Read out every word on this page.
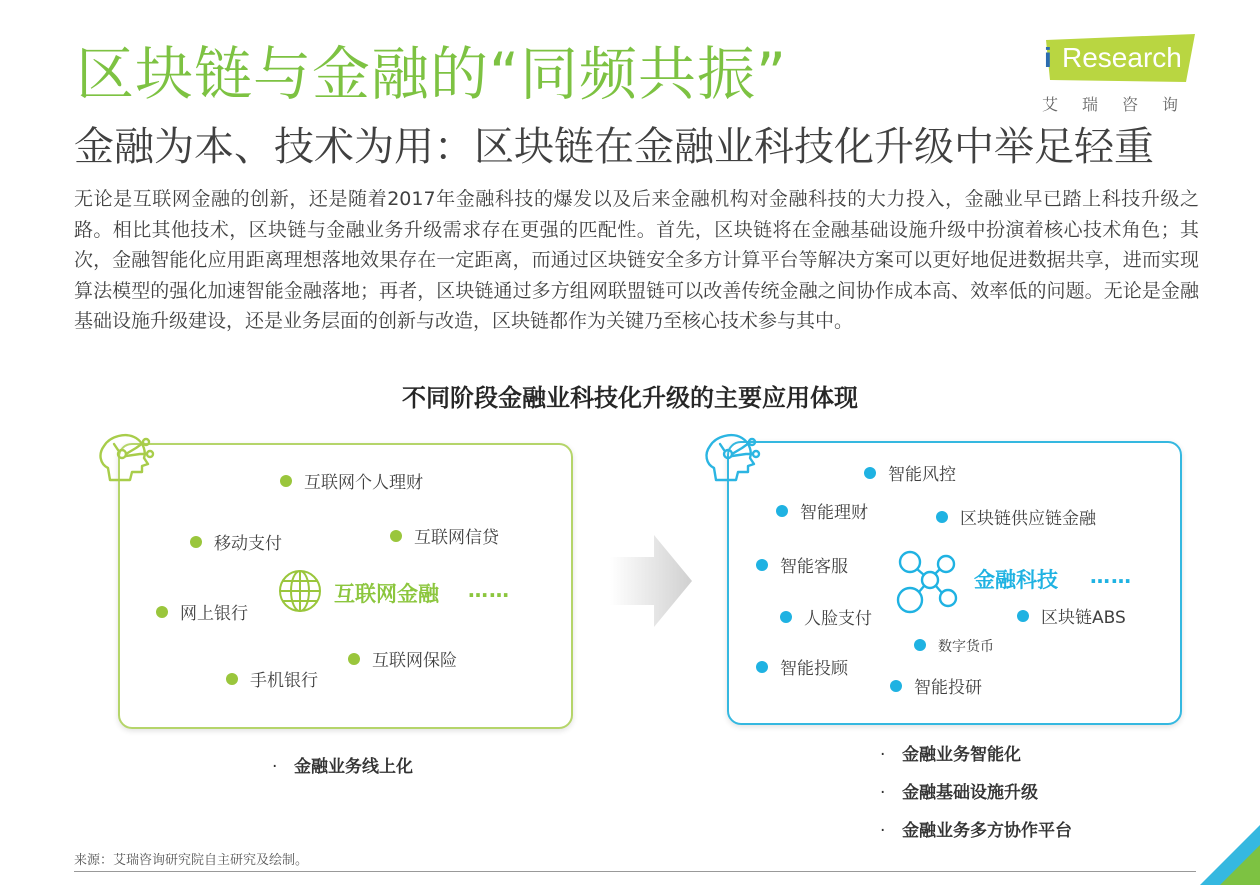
区块链与金融的“同频共振”	i Research
艾瑞咨询
金融为本、技术为用：区块链在金融业科技化升级中举足轻重
无论是互联网金融的创新，还是随着2017年金融科技的爆发以及后来金融机构对金融科技的大力投入，金融业早已踏上科技升级之路。相比其他技术，区块链与金融业务升级需求存在更强的匹配性。首先，区块链将在金融基础设施升级中扮演着核心技术角色；其次，金融智能化应用距离理想落地效果存在一定距离，而通过区块链安全多方计算平台等解决方案可以更好地促进数据共享，进而实现算法模型的强化加速智能金融落地；再者，区块链通过多方组网联盟链可以改善传统金融之间协作成本高、效率低的问题。无论是金融基础设施升级建设，还是业务层面的创新与改造，区块链都作为关键乃至核心技术参与其中。
不同阶段金融业科技化升级的主要应用体现
互联网个人理财
移动支付	互联网信贷
网上银行
互联网保险
手机银行
互联网金融 ……
· 金融业务线上化
智能风控
智能理财	区块链供应链金融
智能客服
人脸支付	区块链ABS
数字货币
智能投顾
智能投研
金融科技 ……
· 金融业务智能化
· 金融基础设施升级
· 金融业务多方协作平台
来源：艾瑞咨询研究院自主研究及绘制。
